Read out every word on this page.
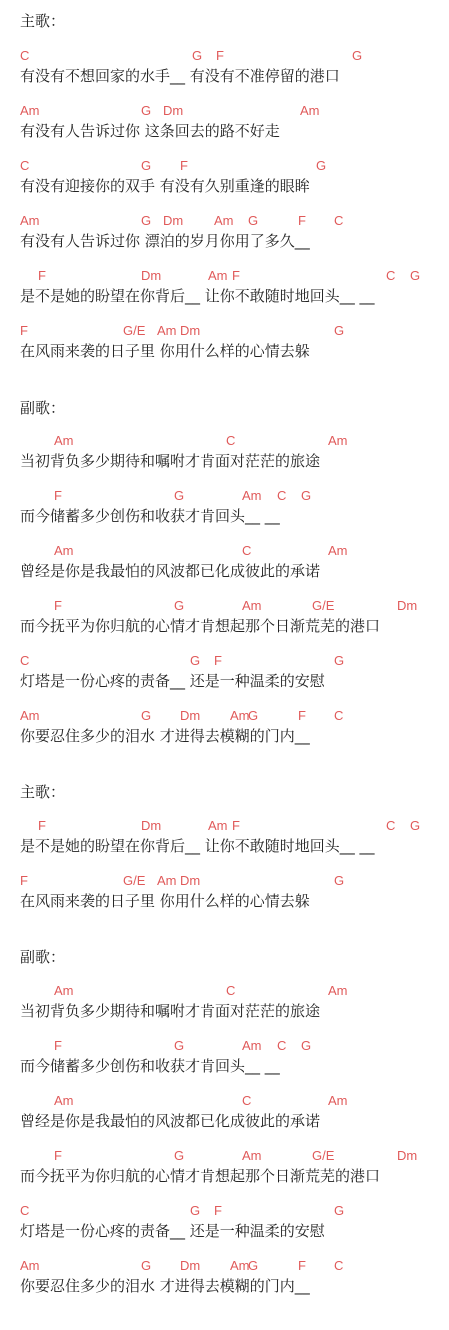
主歌：
C	G F	G
有没有不想回家的水手__ 有没有不准停留的港口
Am	G Dm	Am
有没有人告诉过你 这条回去的路不好走
C	G F	G
有没有迎接你的双手 有没有久别重逢的眼眸
Am	G Dm Am G	F C
有没有人告诉过你 漂泊的岁月你用了多久__
F	Dm	Am F	C G
是不是她的盼望在你背后__ 让你不敢随时地回头__ __
F	G/E Am Dm	G
在风雨来袭的日子里 你用什么样的心情去躲
副歌：
Am	C	Am
当初背负多少期待和嘱咐才肯面对茫茫的旅途
F	G	Am C G
而今储蓄多少创伤和收获才肯回头__ __
Am	C	Am
曾经是你是我最怕的风波都已化成彼此的承诺
F	G	Am	G/E	Dm
而今抚平为你归航的心情才肯想起那个日渐荒芜的港口
C	G F	G
灯塔是一份心疼的责备__ 还是一种温柔的安慰
Am	G Dm Am
G	F C
你要忍住多少的泪水 才进得去模糊的门内__
主歌：
F	Dm	Am F	C G
是不是她的盼望在你背后__ 让你不敢随时地回头__ __
F	G/E Am Dm	G
在风雨来袭的日子里 你用什么样的心情去躲
副歌：
Am	C	Am
当初背负多少期待和嘱咐才肯面对茫茫的旅途
F	G	Am C G
而今储蓄多少创伤和收获才肯回头__ __
Am	C	Am
曾经是你是我最怕的风波都已化成彼此的承诺
F	G	Am	G/E	Dm
而今抚平为你归航的心情才肯想起那个日渐荒芜的港口
C	G F	G
灯塔是一份心疼的责备__ 还是一种温柔的安慰
Am	G Dm Am
G	F C
你要忍住多少的泪水 才进得去模糊的门内__
